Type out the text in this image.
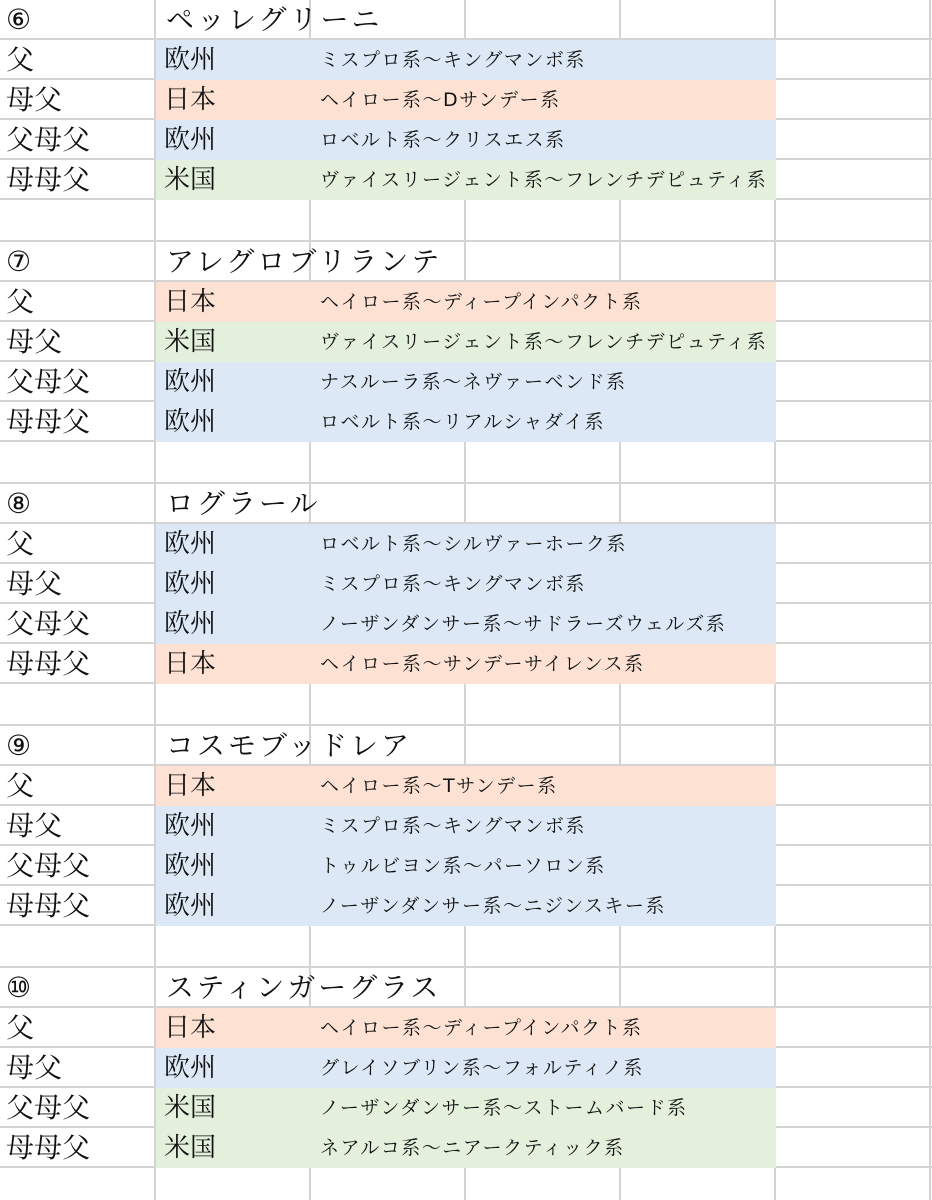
⑥	ペッレグリーニ
父	欧州	ミスプロ系〜キングマンボ系
母父	日本	ヘイロー系〜Dサンデー系
父母父	欧州	ロベルト系〜クリスエス系
母母父	米国	ヴァイスリージェント系〜フレンチデピュティ系
⑦	アレグロブリランテ
父	日本	ヘイロー系〜ディープインパクト系
母父	米国	ヴァイスリージェント系〜フレンチデピュティ系
父母父	欧州	ナスルーラ系〜ネヴァーベンド系
母母父	欧州	ロベルト系〜リアルシャダイ系
⑧	ログラール
父	欧州	ロベルト系〜シルヴァーホーク系
母父	欧州	ミスプロ系〜キングマンボ系
父母父	欧州	ノーザンダンサー系〜サドラーズウェルズ系
母母父	日本	ヘイロー系〜サンデーサイレンス系
⑨	コスモブッドレア
父	日本	ヘイロー系〜Tサンデー系
母父	欧州	ミスプロ系〜キングマンボ系
父母父	欧州	トゥルビヨン系〜パーソロン系
母母父	欧州	ノーザンダンサー系〜ニジンスキー系
⑩	スティンガーグラス
父	日本	ヘイロー系〜ディープインパクト系
母父	欧州	グレイソブリン系〜フォルティノ系
父母父	米国	ノーザンダンサー系〜ストームバード系
母母父	米国	ネアルコ系〜ニアークティック系
